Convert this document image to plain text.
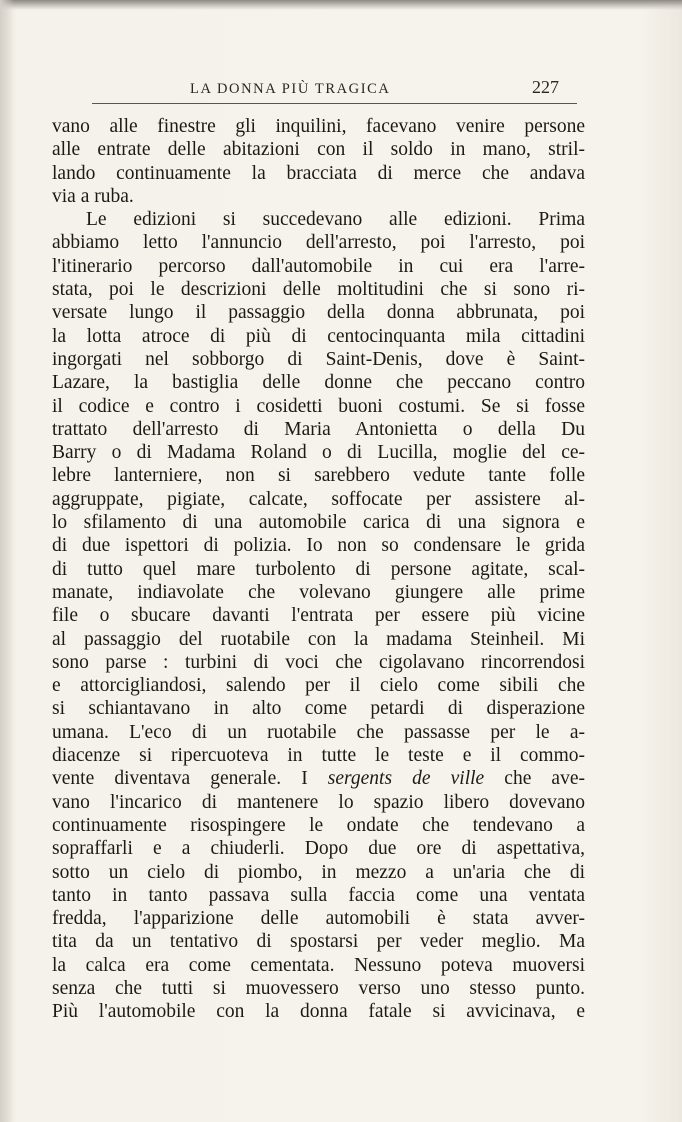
LA DONNA PIÙ TRAGICA	227
vano alle finestre gli inquilini, facevano venire persone
alle entrate delle abitazioni con il soldo in mano, stril-
lando continuamente la bracciata di merce che andava
via a ruba.
Le edizioni si succedevano alle edizioni. Prima
abbiamo letto l'annuncio dell'arresto, poi l'arresto, poi
l'itinerario percorso dall'automobile in cui era l'arre-
stata, poi le descrizioni delle moltitudini che si sono ri-
versate lungo il passaggio della donna abbrunata, poi
la lotta atroce di più di centocinquanta mila cittadini
ingorgati nel sobborgo di Saint-Denis, dove è Saint-
Lazare, la bastiglia delle donne che peccano contro
il codice e contro i cosidetti buoni costumi. Se si fosse
trattato dell'arresto di Maria Antonietta o della Du
Barry o di Madama Roland o di Lucilla, moglie del ce-
lebre lanterniere, non si sarebbero vedute tante folle
aggruppate, pigiate, calcate, soffocate per assistere al-
lo sfilamento di una automobile carica di una signora e
di due ispettori di polizia. Io non so condensare le grida
di tutto quel mare turbolento di persone agitate, scal-
manate, indiavolate che volevano giungere alle prime
file o sbucare davanti l'entrata per essere più vicine
al passaggio del ruotabile con la madama Steinheil. Mi
sono parse : turbini di voci che cigolavano rincorrendosi
e attorcigliandosi, salendo per il cielo come sibili che
si schiantavano in alto come petardi di disperazione
umana. L'eco di un ruotabile che passasse per le a-
diacenze si ripercuoteva in tutte le teste e il commo-
vente diventava generale. I sergents de ville che ave-
vano l'incarico di mantenere lo spazio libero dovevano
continuamente risospingere le ondate che tendevano a
sopraffarli e a chiuderli. Dopo due ore di aspettativa,
sotto un cielo di piombo, in mezzo a un'aria che di
tanto in tanto passava sulla faccia come una ventata
fredda, l'apparizione delle automobili è stata avver-
tita da un tentativo di spostarsi per veder meglio. Ma
la calca era come cementata. Nessuno poteva muoversi
senza che tutti si muovessero verso uno stesso punto.
Più l'automobile con la donna fatale si avvicinava, e
